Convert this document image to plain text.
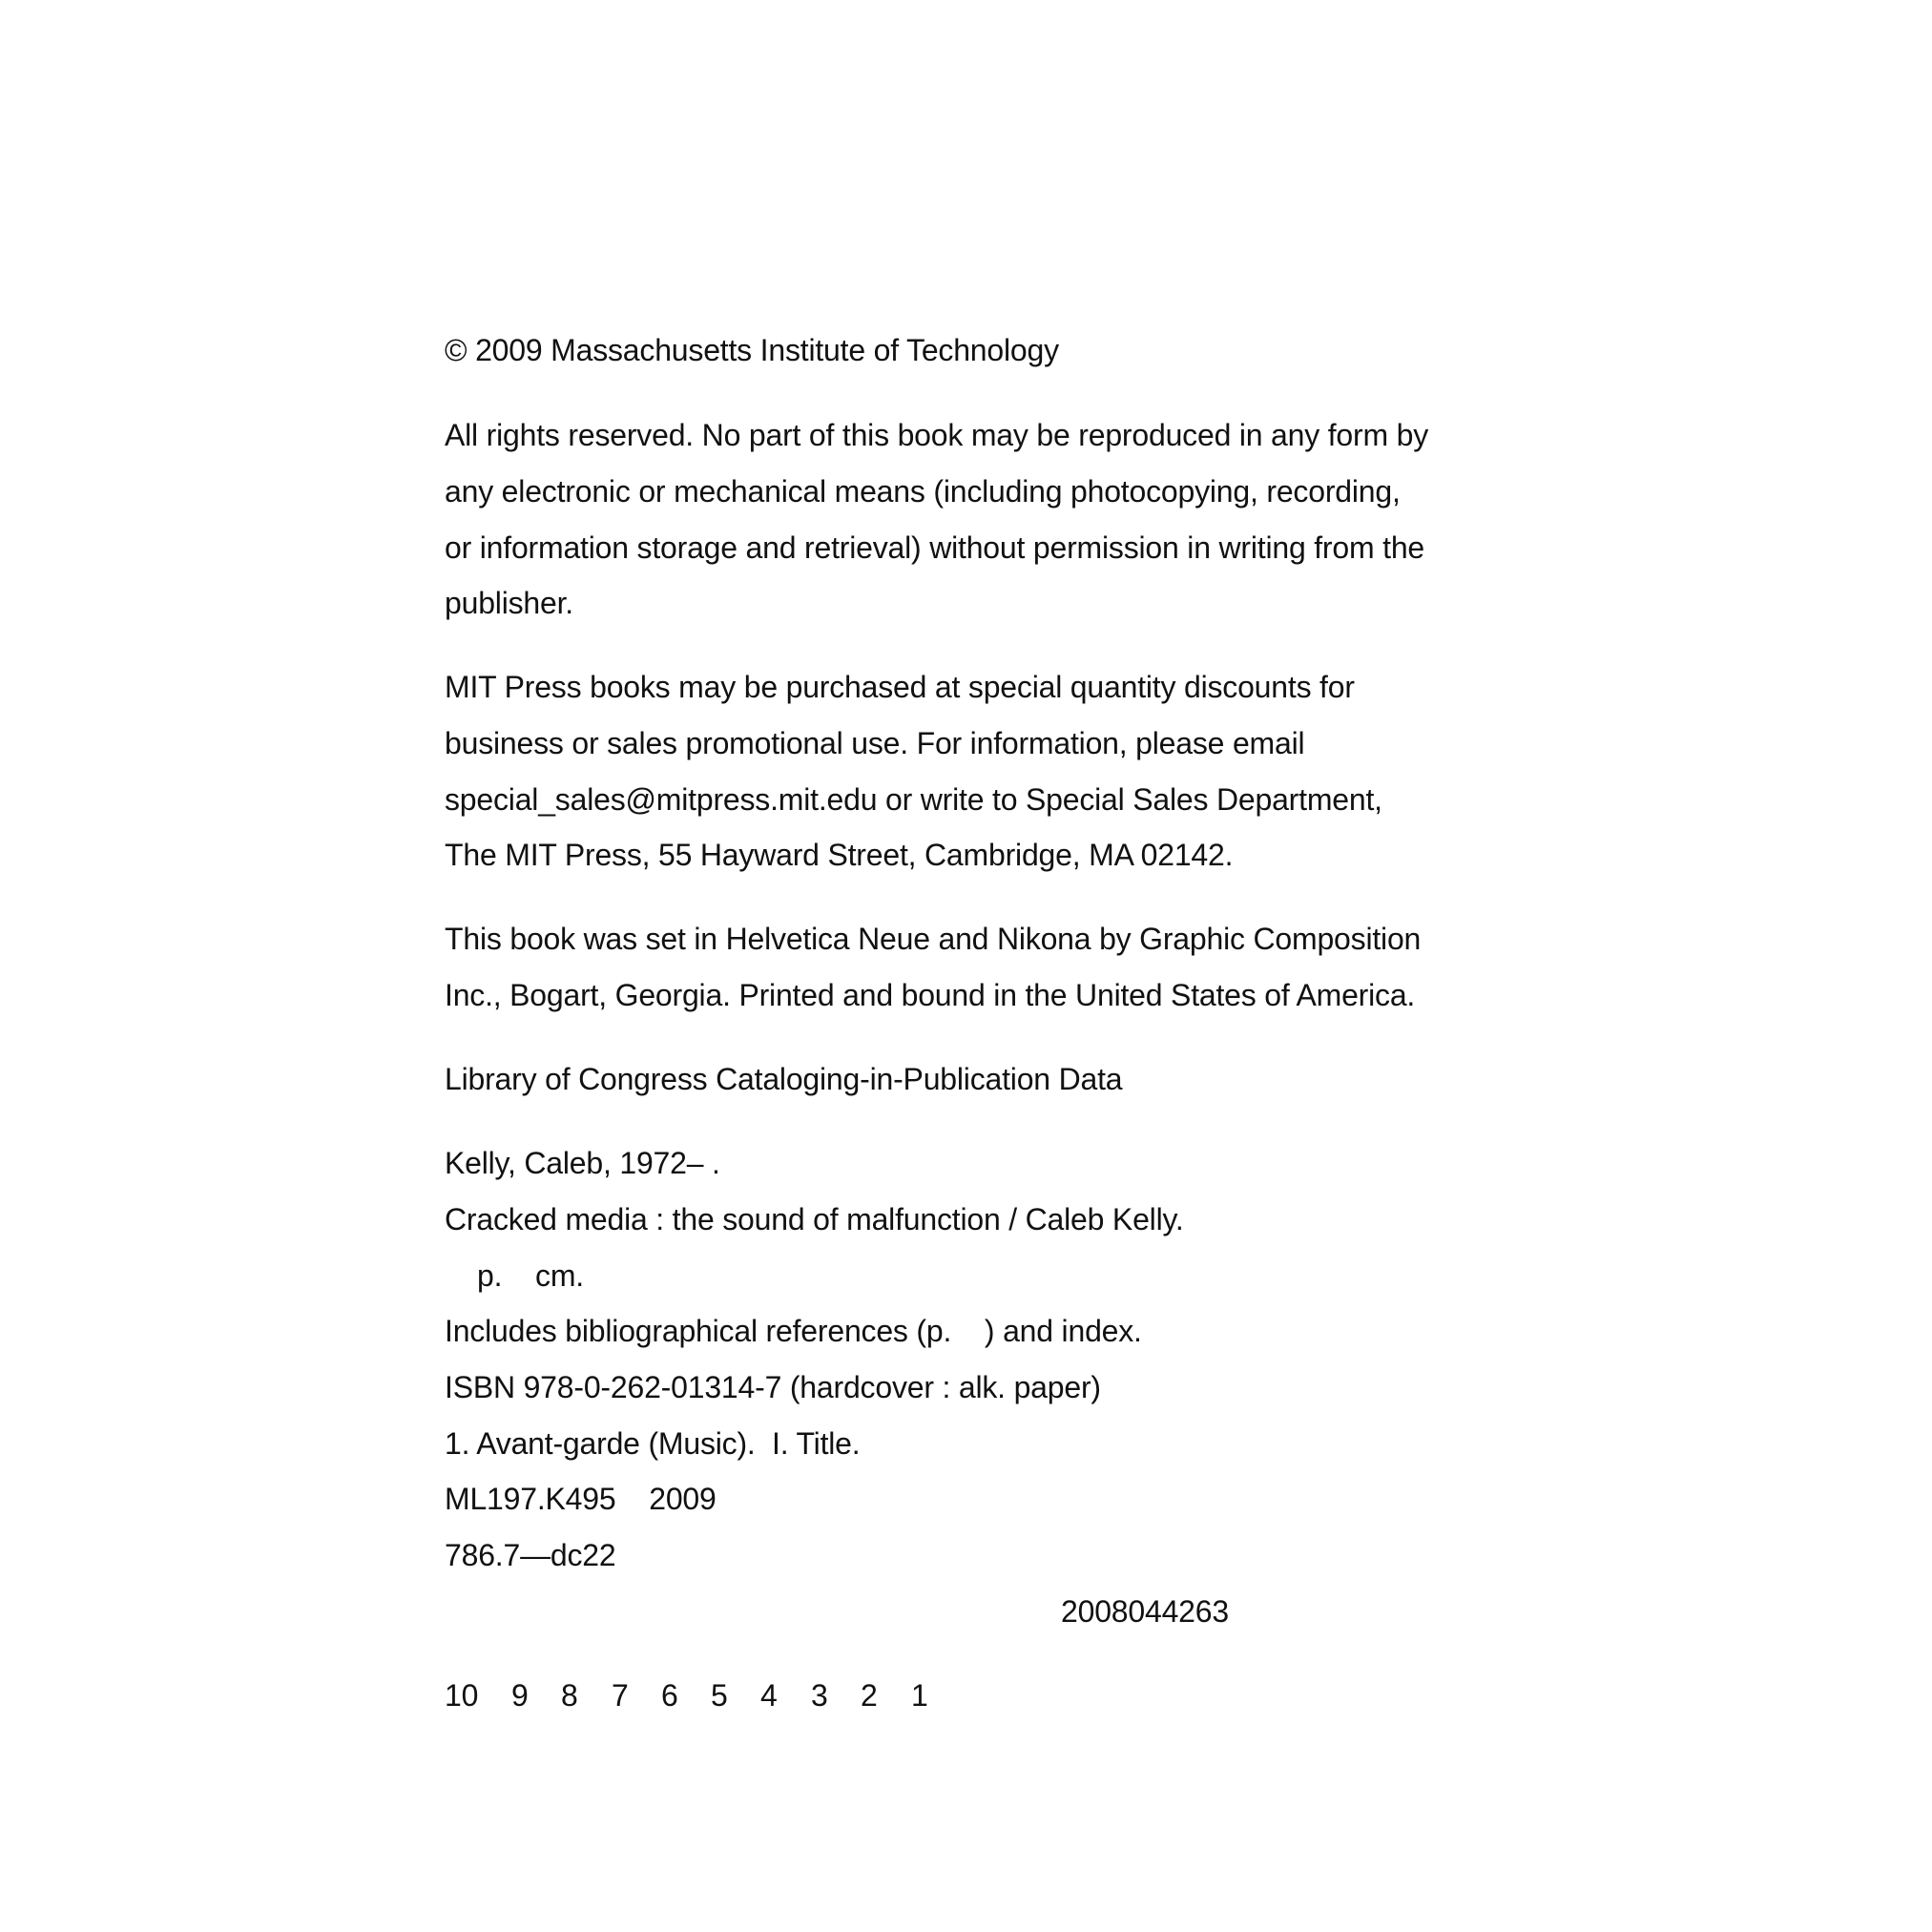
© 2009 Massachusetts Institute of Technology
All rights reserved. No part of this book may be reproduced in any form by
any electronic or mechanical means (including photocopying, recording,
or information storage and retrieval) without permission in writing from the
publisher.
MIT Press books may be purchased at special quantity discounts for
business or sales promotional use. For information, please email
special_sales@mitpress.mit.edu or write to Special Sales Department,
The MIT Press, 55 Hayward Street, Cambridge, MA 02142.
This book was set in Helvetica Neue and Nikona by Graphic Composition
Inc., Bogart, Georgia. Printed and bound in the United States of America.
Library of Congress Cataloging-in-Publication Data
Kelly, Caleb, 1972– .
Cracked media : the sound of malfunction / Caleb Kelly.
p.    cm.
Includes bibliographical references (p.    ) and index.
ISBN 978-0-262-01314-7 (hardcover : alk. paper)
1. Avant-garde (Music).  I. Title.
ML197.K495    2009
786.7—dc22
2008044263
10 9 8 7 6 5 4 3 2 1
